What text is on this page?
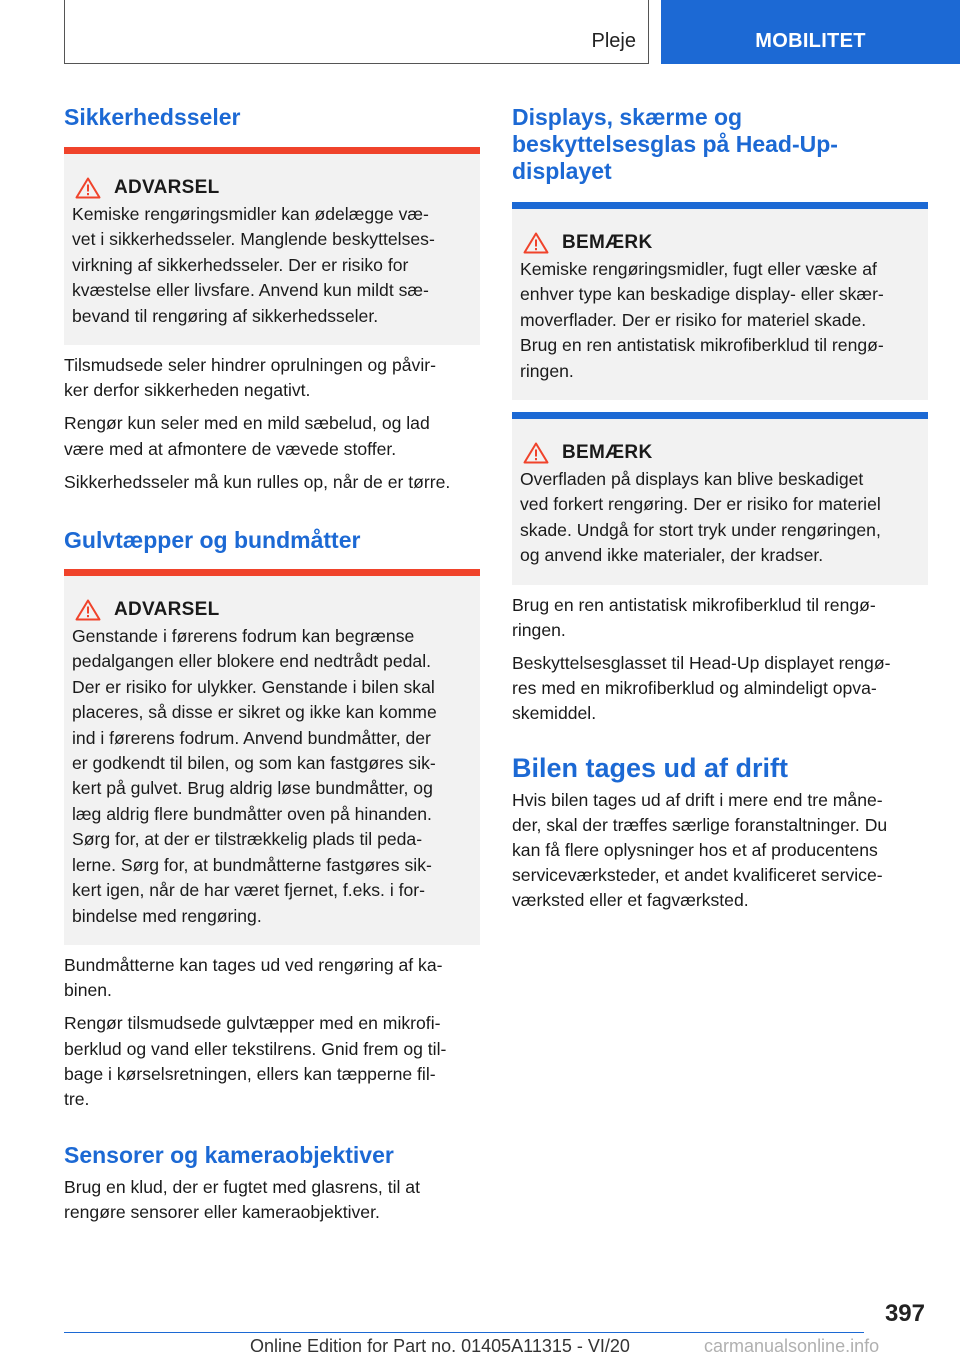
Pleje	MOBILITET
Sikkerhedsseler
ADVARSEL

Kemiske rengøringsmidler kan ødelægge væ-
vet i sikkerhedsseler. Manglende beskyttelses-
virkning af sikkerhedsseler. Der er risiko for
kvæstelse eller livsfare. Anvend kun mildt sæ-
bevand til rengøring af sikkerhedsseler.

Tilsmudsede seler hindrer oprulningen og påvir-
ker derfor sikkerheden negativt.

Rengør kun seler med en mild sæbelud, og lad
være med at afmontere de vævede stoffer.

Sikkerhedsseler må kun rulles op, når de er tørre.

Gulvtæpper og bundmåtter
ADVARSEL

Genstande i førerens fodrum kan begrænse
pedalgangen eller blokere end nedtrådt pedal.
Der er risiko for ulykker. Genstande i bilen skal
placeres, så disse er sikret og ikke kan komme
ind i førerens fodrum. Anvend bundmåtter, der
er godkendt til bilen, og som kan fastgøres sik-
kert på gulvet. Brug aldrig løse bundmåtter, og
læg aldrig flere bundmåtter oven på hinanden.
Sørg for, at der er tilstrækkelig plads til peda-
lerne. Sørg for, at bundmåtterne fastgøres sik-
kert igen, når de har været fjernet, f.eks. i for-
bindelse med rengøring.

Bundmåtterne kan tages ud ved rengøring af ka-
binen.

Rengør tilsmudsede gulvtæpper med en mikrofi-
berklud og vand eller tekstilrens. Gnid frem og til-
bage i kørselsretningen, ellers kan tæpperne fil-
tre.

Sensorer og kameraobjektiver

Brug en klud, der er fugtet med glasrens, til at
rengøre sensorer eller kameraobjektiver.

Displays, skærme og
beskyttelsesglas på Head-Up-
displayet
BEMÆRK

Kemiske rengøringsmidler, fugt eller væske af
enhver type kan beskadige display- eller skær-
moverflader. Der er risiko for materiel skade.
Brug en ren antistatisk mikrofiberklud til rengø-
ringen.

BEMÆRK

Overfladen på displays kan blive beskadiget
ved forkert rengøring. Der er risiko for materiel
skade. Undgå for stort tryk under rengøringen,
og anvend ikke materialer, der kradser.

Brug en ren antistatisk mikrofiberklud til rengø-
ringen.

Beskyttelsesglasset til Head-Up displayet rengø-
res med en mikrofiberklud og almindeligt opva-
skemiddel.

Bilen tages ud af drift

Hvis bilen tages ud af drift i mere end tre måne-
der, skal der træffes særlige foranstaltninger. Du
kan få flere oplysninger hos et af producentens
serviceværksteder, et andet kvalificeret service-
værksted eller et fagværksted.

397
Online Edition for Part no. 01405A11315 - VI/20	carmanualsonline.info
